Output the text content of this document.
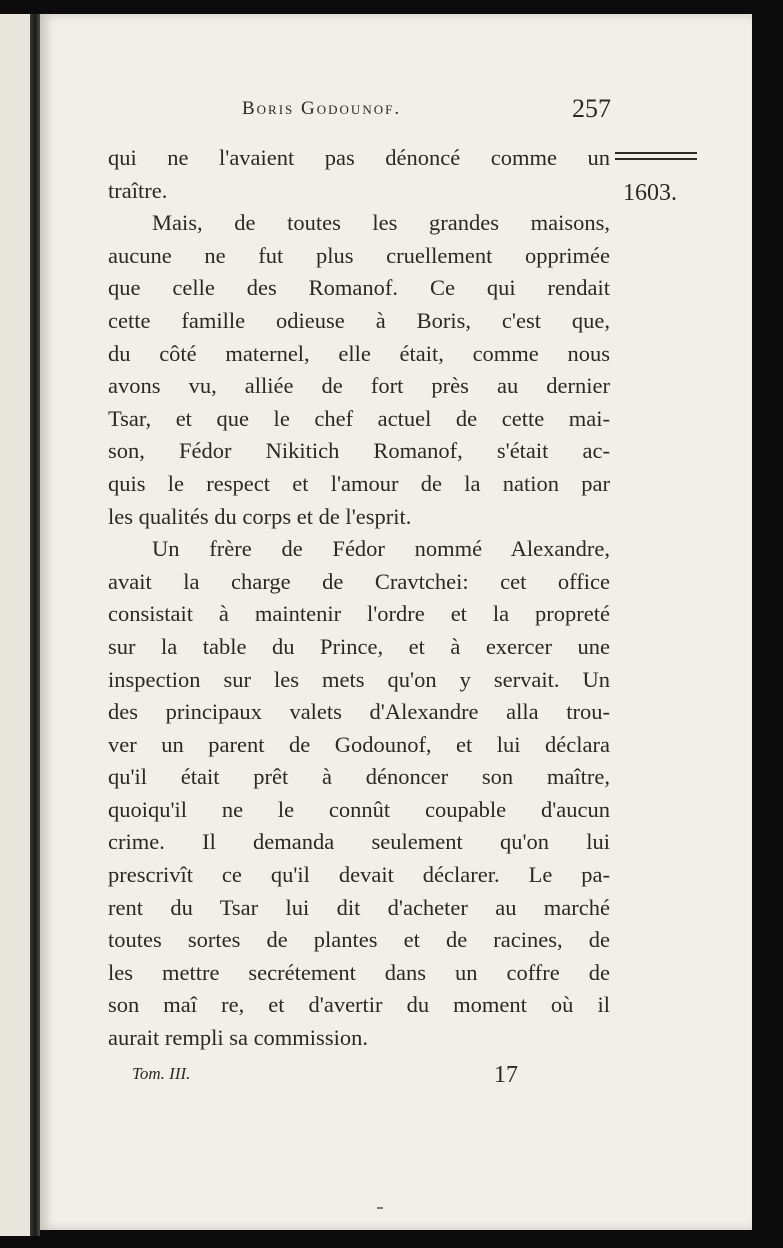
Boris Godounof.	257
1603.
qui ne l'avaient pas dénoncé comme un
traître.
Mais, de toutes les grandes maisons,
aucune ne fut plus cruellement opprimée
que celle des Romanof. Ce qui rendait
cette famille odieuse à Boris, c'est que,
du côté maternel, elle était, comme nous
avons vu, alliée de fort près au dernier
Tsar, et que le chef actuel de cette mai-
son, Fédor Nikitich Romanof, s'était ac-
quis le respect et l'amour de la nation par
les qualités du corps et de l'esprit.
Un frère de Fédor nommé Alexandre,
avait la charge de Cravtchei: cet office
consistait à maintenir l'ordre et la propreté
sur la table du Prince, et à exercer une
inspection sur les mets qu'on y servait. Un
des principaux valets d'Alexandre alla trou-
ver un parent de Godounof, et lui déclara
qu'il était prêt à dénoncer son maître,
quoiqu'il ne le connût coupable d'aucun
crime. Il demanda seulement qu'on lui
prescrivît ce qu'il devait déclarer. Le pa-
rent du Tsar lui dit d'acheter au marché
toutes sortes de plantes et de racines, de
les mettre secrétement dans un coffre de
son maî re, et d'avertir du moment où il
aurait rempli sa commission.
Tom. III.	17
